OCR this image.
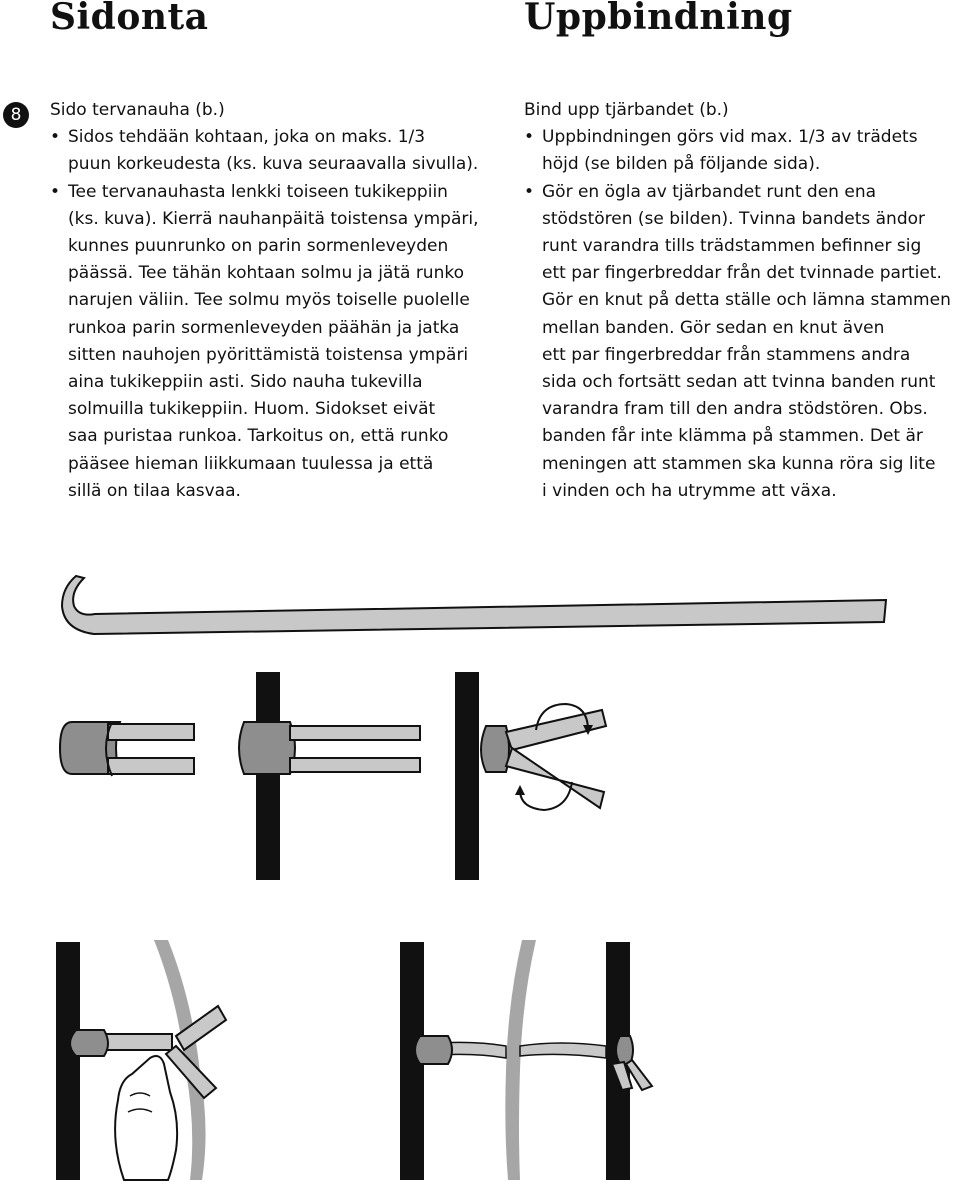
Sidonta	Uppbindning
8	Sido tervanauha (b.)
• Sidos tehdään kohtaan, joka on maks. 1/3
puun korkeudesta (ks. kuva seuraavalla sivulla).
• Tee tervanauhasta lenkki toiseen tukikeppiin
(ks. kuva). Kierrä nauhanpäitä toistensa ympäri,
kunnes puunrunko on parin sormenleveyden
päässä. Tee tähän kohtaan solmu ja jätä runko
narujen väliin. Tee solmu myös toiselle puolelle
runkoa parin sormenleveyden päähän ja jatka
sitten nauhojen pyörittämistä toistensa ympäri
aina tukikeppiin asti. Sido nauha tukevilla
solmuilla tukikeppiin. Huom. Sidokset eivät
saa puristaa runkoa. Tarkoitus on, että runko
pääsee hieman liikkumaan tuulessa ja että
sillä on tilaa kasvaa.
Bind upp tjärbandet (b.)
• Uppbindningen görs vid max. 1/3 av trädets
höjd (se bilden på följande sida).
• Gör en ögla av tjärbandet runt den ena
stödstören (se bilden). Tvinna bandets ändor
runt varandra tills trädstammen befinner sig
ett par fingerbreddar från det tvinnade partiet.
Gör en knut på detta ställe och lämna stammen
mellan banden. Gör sedan en knut även
ett par fingerbreddar från stammens andra
sida och fortsätt sedan att tvinna banden runt
varandra fram till den andra stödstören. Obs.
banden får inte klämma på stammen. Det är
meningen att stammen ska kunna röra sig lite
i vinden och ha utrymme att växa.
